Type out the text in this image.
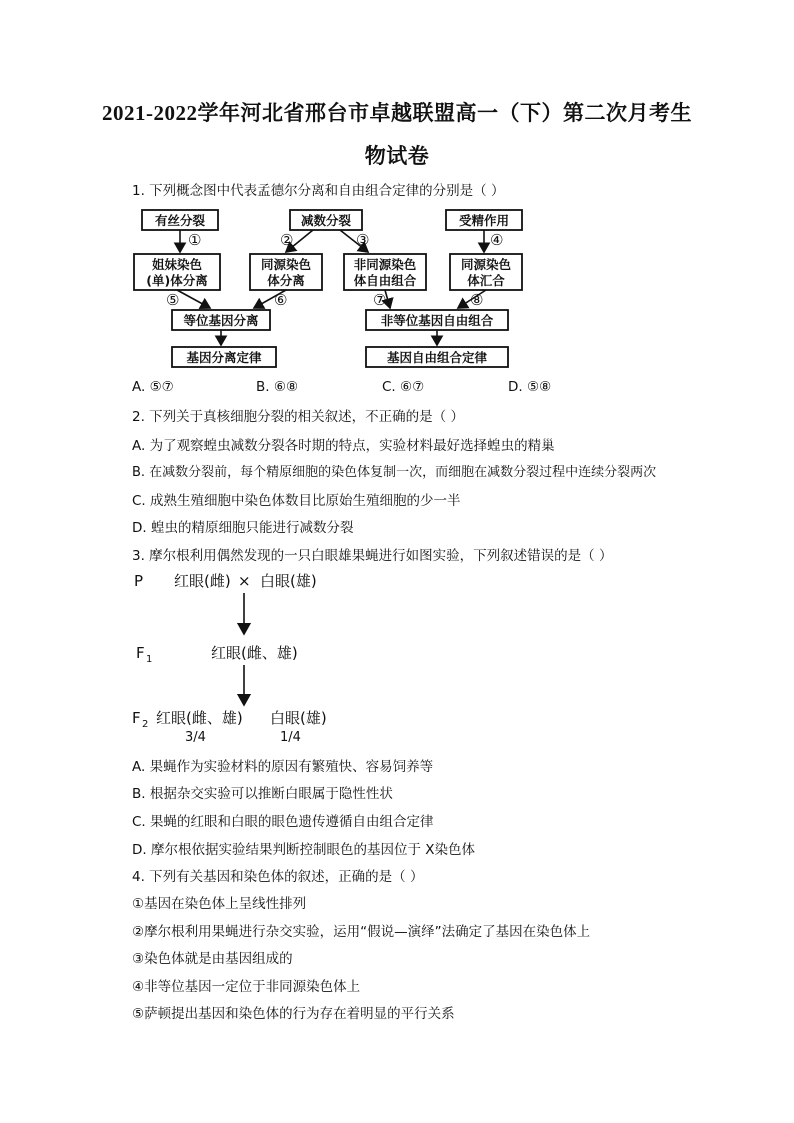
2021-2022学年河北省邢台市卓越联盟高一（下）第二次月考生
物试卷
1. 下列概念图中代表孟德尔分离和自由组合定律的分别是（ ）
有丝分裂	减数分裂	受精作用
①	②	③	④
姐妹染色
(单)体分离
同源染色
体分离
非同源染色
体自由组合
同源染色
体汇合
⑤	⑥	⑦	⑧
等位基因分离	非等位基因自由组合
基因分离定律	基因自由组合定律
A. ⑤⑦	B. ⑥⑧	C. ⑥⑦	D. ⑤⑧
2. 下列关于真核细胞分裂的相关叙述，不正确的是（ ）
A. 为了观察蝗虫减数分裂各时期的特点，实验材料最好选择蝗虫的精巢
B. 在减数分裂前，每个精原细胞的染色体复制一次，而细胞在减数分裂过程中连续分裂两次
C. 成熟生殖细胞中染色体数目比原始生殖细胞的少一半
D. 蝗虫的精原细胞只能进行减数分裂
3. 摩尔根利用偶然发现的一只白眼雄果蝇进行如图实验，下列叙述错误的是（ ）
P 红眼(雌) × 白眼(雄)
F 1	红眼(雌、雄)
F 2 红眼(雌、雄) 白眼(雄)
3/4	1/4
A. 果蝇作为实验材料的原因有繁殖快、容易饲养等
B. 根据杂交实验可以推断白眼属于隐性性状
C. 果蝇的红眼和白眼的眼色遗传遵循自由组合定律
D. 摩尔根依据实验结果判断控制眼色的基因位于 X染色体
4. 下列有关基因和染色体的叙述，正确的是（ ）
①基因在染色体上呈线性排列
②摩尔根利用果蝇进行杂交实验，运用“假说—演绎”法确定了基因在染色体上
③染色体就是由基因组成的
④非等位基因一定位于非同源染色体上
⑤萨顿提出基因和染色体的行为存在着明显的平行关系
